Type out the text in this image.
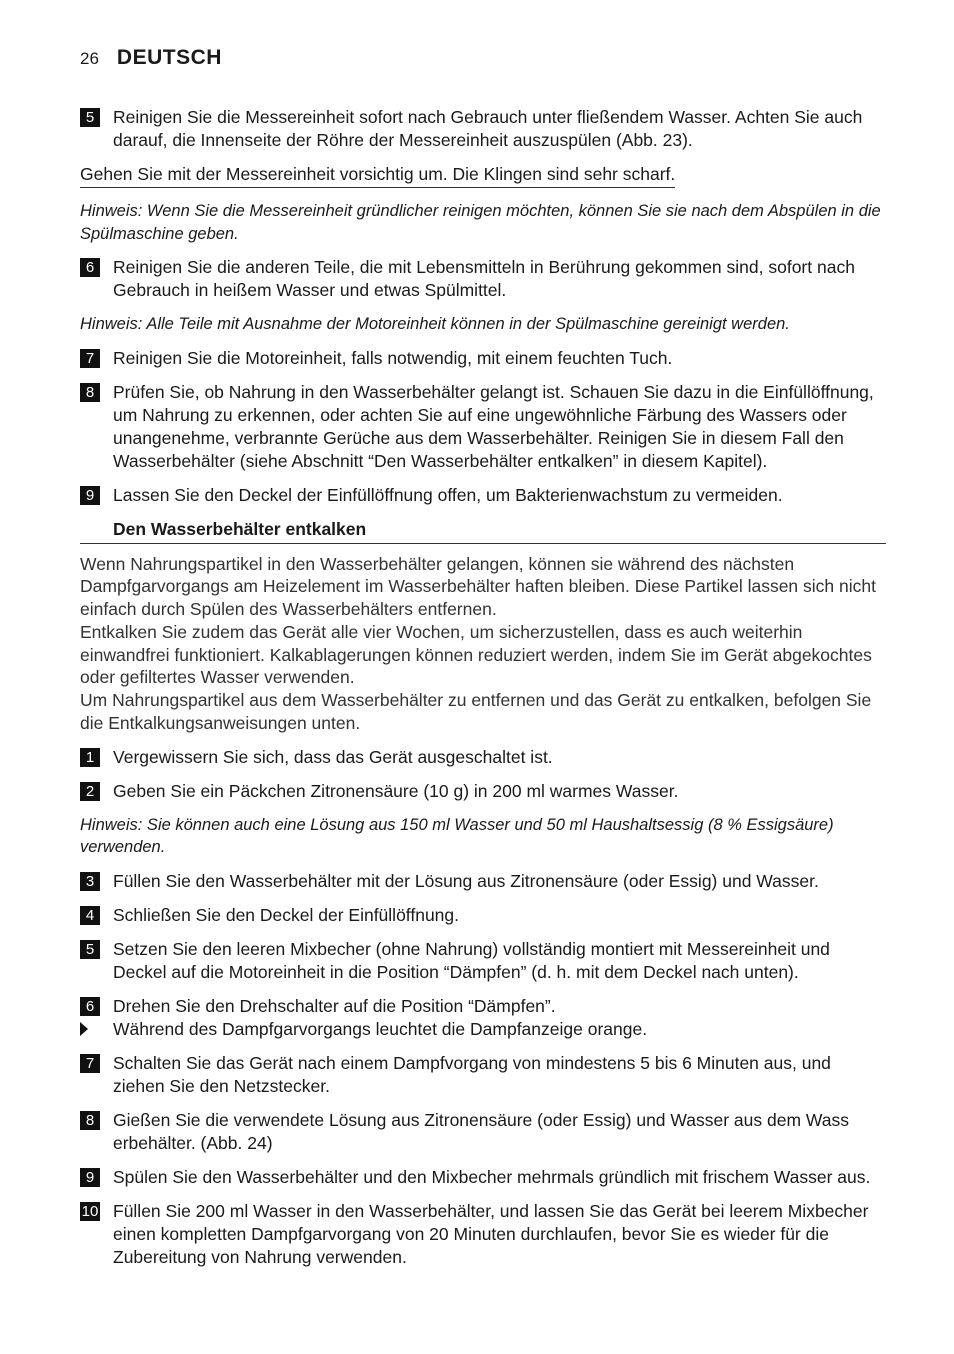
26 DEUTSCH
5	Reinigen Sie die Messereinheit sofort nach Gebrauch unter fließendem Wasser. Achten Sie auch darauf, die Innenseite der Röhre der Messereinheit auszuspülen (Abb. 23).
Gehen Sie mit der Messereinheit vorsichtig um. Die Klingen sind sehr scharf.
Hinweis: Wenn Sie die Messereinheit gründlicher reinigen möchten, können Sie sie nach dem Abspülen in die Spülmaschine geben.
6	Reinigen Sie die anderen Teile, die mit Lebensmitteln in Berührung gekommen sind, sofort nach Gebrauch in heißem Wasser und etwas Spülmittel.
Hinweis: Alle Teile mit Ausnahme der Motoreinheit können in der Spülmaschine gereinigt werden.
7	Reinigen Sie die Motoreinheit, falls notwendig, mit einem feuchten Tuch.
8	Prüfen Sie, ob Nahrung in den Wasserbehälter gelangt ist. Schauen Sie dazu in die Einfüllöffnung, um Nahrung zu erkennen, oder achten Sie auf eine ungewöhnliche Färbung des Wassers oder unangenehme, verbrannte Gerüche aus dem Wasserbehälter. Reinigen Sie in diesem Fall den Wasserbehälter (siehe Abschnitt “Den Wasserbehälter entkalken” in diesem Kapitel).
9	Lassen Sie den Deckel der Einfüllöffnung offen, um Bakterienwachstum zu vermeiden.
Den Wasserbehälter entkalken
Wenn Nahrungspartikel in den Wasserbehälter gelangen, können sie während des nächsten Dampfgarvorgangs am Heizelement im Wasserbehälter haften bleiben. Diese Partikel lassen sich nicht einfach durch Spülen des Wasserbehälters entfernen.
Entkalken Sie zudem das Gerät alle vier Wochen, um sicherzustellen, dass es auch weiterhin einwandfrei funktioniert. Kalkablagerungen können reduziert werden, indem Sie im Gerät abgekochtes oder gefiltertes Wasser verwenden.
Um Nahrungspartikel aus dem Wasserbehälter zu entfernen und das Gerät zu entkalken, befolgen Sie die Entkalkungsanweisungen unten.
1	Vergewissern Sie sich, dass das Gerät ausgeschaltet ist.
2	Geben Sie ein Päckchen Zitronensäure (10 g) in 200 ml warmes Wasser.
Hinweis: Sie können auch eine Lösung aus 150 ml Wasser und 50 ml Haushaltsessig (8 % Essigsäure) verwenden.
3	Füllen Sie den Wasserbehälter mit der Lösung aus Zitronensäure (oder Essig) und Wasser.
4	Schließen Sie den Deckel der Einfüllöffnung.
5	Setzen Sie den leeren Mixbecher (ohne Nahrung) vollständig montiert mit Messereinheit und Deckel auf die Motoreinheit in die Position “Dämpfen” (d. h. mit dem Deckel nach unten).
6	Drehen Sie den Drehschalter auf die Position “Dämpfen”.
Während des Dampfgarvorgangs leuchtet die Dampfanzeige orange.
7	Schalten Sie das Gerät nach einem Dampfvorgang von mindestens 5 bis 6 Minuten aus, und ziehen Sie den Netzstecker.
8	Gießen Sie die verwendete Lösung aus Zitronensäure (oder Essig) und Wasser aus dem Wass erbehälter. (Abb. 24)
9	Spülen Sie den Wasserbehälter und den Mixbecher mehrmals gründlich mit frischem Wasser aus.
10 Füllen Sie 200 ml Wasser in den Wasserbehälter, und lassen Sie das Gerät bei leerem Mixbecher einen kompletten Dampfgarvorgang von 20 Minuten durchlaufen, bevor Sie es wieder für die Zubereitung von Nahrung verwenden.
